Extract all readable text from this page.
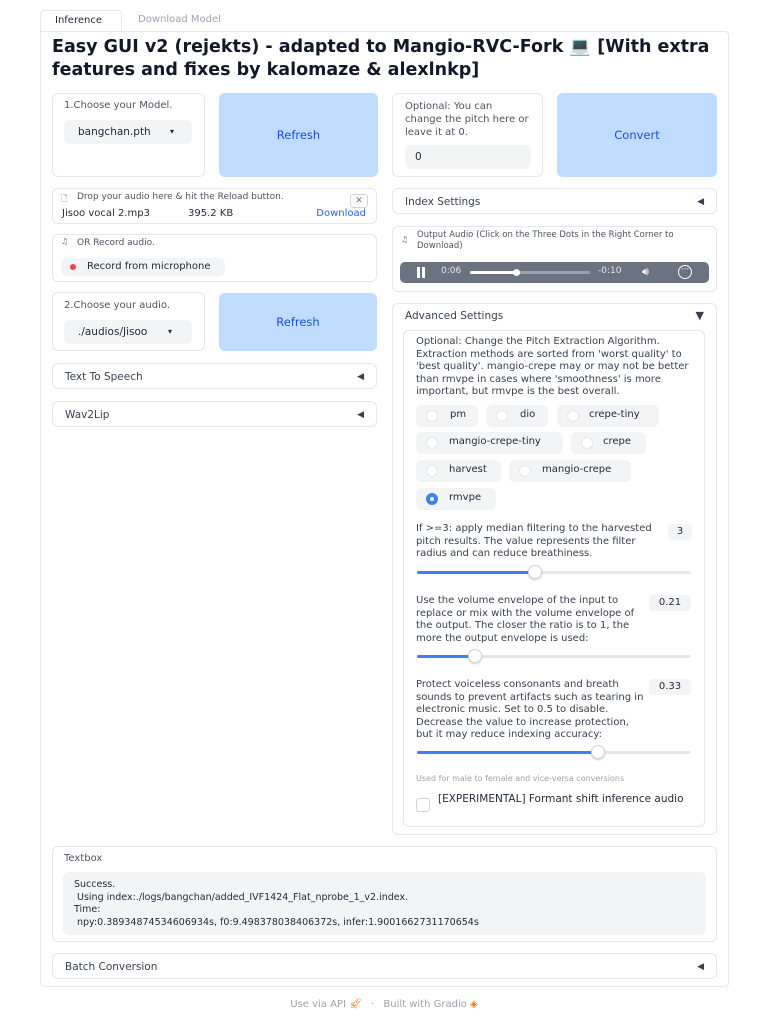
Inference	Download Model
Easy GUI v2 (rejekts) - adapted to Mangio-RVC-Fork 💻 [With extra features and fixes by kalomaze & alexlnkp]
1.Choose your Model.
bangchan.pth ▾	Refresh
Optional: You can change the pitch here or leave it at 0.
0
Convert
🗋 Drop your audio here & hit the Reload button.	✕
Jisoo vocal 2.mp3	395.2 KB	Download
♫ OR Record audio.
Record from microphone
2.Choose your audio.
./audios/Jisoo	▾
Refresh
Text To Speech	◀
Wav2Lip	◀
Index Settings	◀
♫ Output Audio (Click on the Three Dots in the Right Corner to Download)
0:06	-0:10 🔊︎	···
Advanced Settings	▼
Optional: Change the Pitch Extraction Algorithm. Extraction methods are sorted from 'worst quality' to 'best quality'. mangio-crepe may or may not be better than rmvpe in cases where 'smoothness' is more important, but rmvpe is the best overall.
pm	dio	crepe-tiny
mangio-crepe-tiny	crepe
harvest	mangio-crepe
rmvpe
If >=3: apply median filtering to the harvested pitch results. The value represents the filter radius and can reduce breathiness.
3
Use the volume envelope of the input to replace or mix with the volume envelope of the output. The closer the ratio is to 1, the more the output envelope is used:
0.21
Protect voiceless consonants and breath sounds to prevent artifacts such as tearing in electronic music. Set to 0.5 to disable. Decrease the value to increase protection, but it may reduce indexing accuracy:
0.33
Used for male to female and vice-versa conversions
[EXPERIMENTAL] Formant shift inference audio
Textbox
Success.
Using index:./logs/bangchan/added_IVF1424_Flat_nprobe_1_v2.index.
Time:
npy:0.38934874534606934s, f0:9.498378038406372s, infer:1.9001662731170654s
Batch Conversion	◀
Use via API 🚀︎ · Built with Gradio ◈
